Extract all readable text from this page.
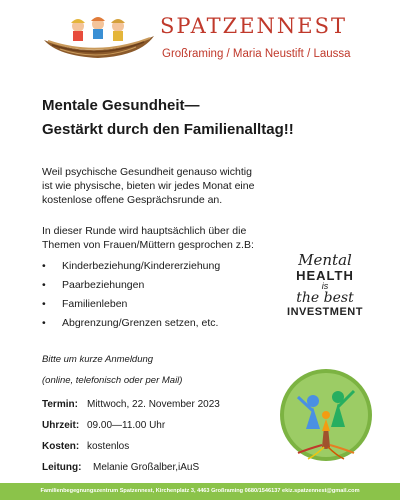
SPATZENNEST
Großraming / Maria Neustift / Laussa
Mentale Gesundheit—
Gestärkt durch den Familienalltag!!
Weil psychische Gesundheit genauso wichtig
ist wie physische, bieten wir jedes Monat eine
kostenlose offene Gesprächsrunde an.
In dieser Runde wird hauptsächlich über die
Themen von Frauen/Müttern gesprochen z.B:
• Kinderbeziehung/Kindererziehung
• Paarbeziehungen
• Familienleben
• Abgrenzung/Grenzen setzen, etc.
Bitte um kurze Anmeldung
(online, telefonisch oder per Mail)
Termin: Mittwoch, 22. November 2023
Uhrzeit: 09.00—11.00 Uhr
Kosten: kostenlos
Leitung: Melanie Großalber,iAuS
Mental
HEALTH
is
the best
INVESTMENT
Familienbegegnungszentrum Spatzennest, Kirchenplatz 3, 4463 Großraming 0680/1546137 ekiz.spatzennest@gmail.com
